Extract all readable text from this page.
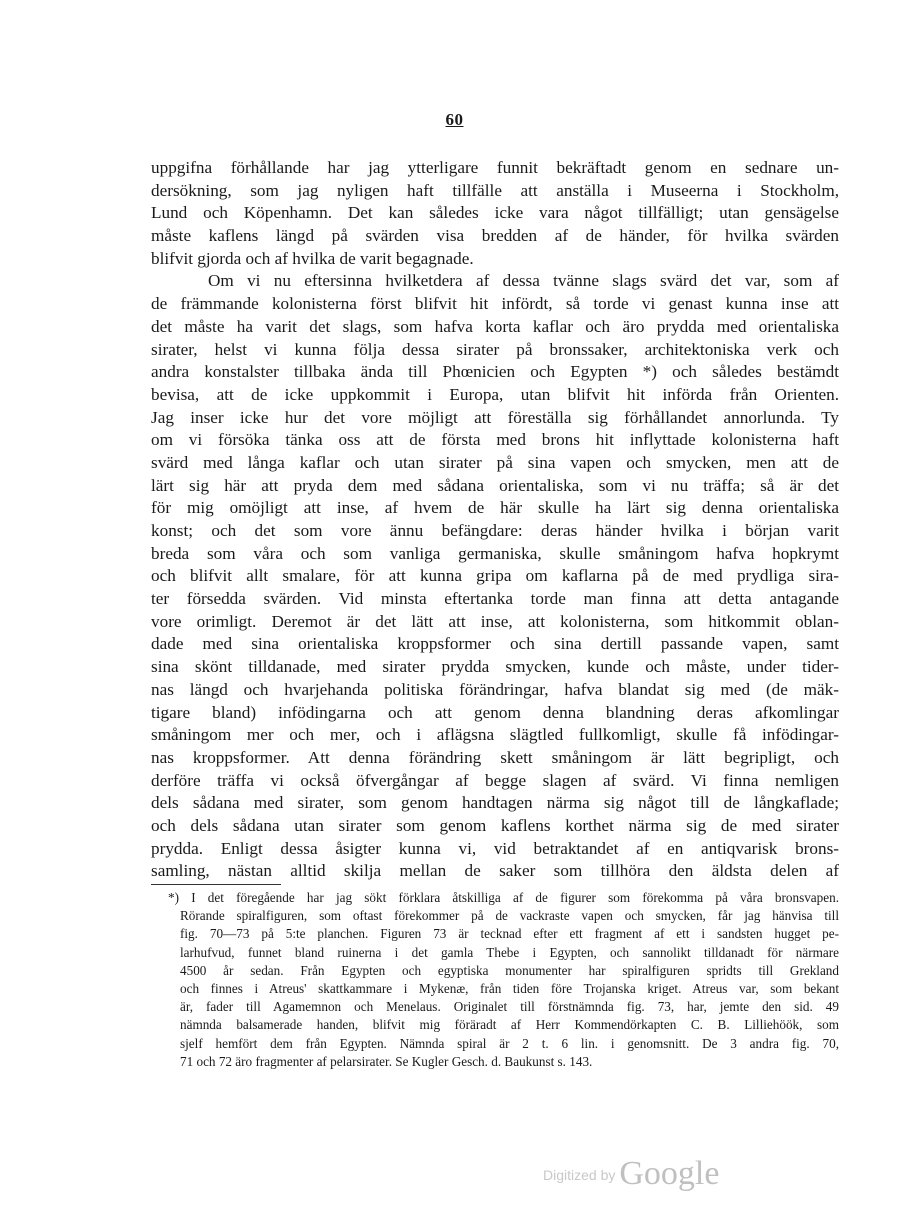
60
uppgifna förhållande har jag ytterligare funnit bekräftadt genom en sednare un-
dersökning, som jag nyligen haft tillfälle att anställa i Museerna i Stockholm,
Lund och Köpenhamn. Det kan således icke vara något tillfälligt; utan gensägelse
måste kaflens längd på svärden visa bredden af de händer, för hvilka svärden
blifvit gjorda och af hvilka de varit begagnade.
Om vi nu eftersinna hvilketdera af dessa tvänne slags svärd det var, som af
de främmande kolonisterna först blifvit hit infördt, så torde vi genast kunna inse att
det måste ha varit det slags, som hafva korta kaflar och äro prydda med orientaliska
sirater, helst vi kunna följa dessa sirater på bronssaker, architektoniska verk och
andra konstalster tillbaka ända till Phœnicien och Egypten *) och således bestämdt
bevisa, att de icke uppkommit i Europa, utan blifvit hit införda från Orienten.
Jag inser icke hur det vore möjligt att föreställa sig förhållandet annorlunda. Ty
om vi försöka tänka oss att de första med brons hit inflyttade kolonisterna haft
svärd med långa kaflar och utan sirater på sina vapen och smycken, men att de
lärt sig här att pryda dem med sådana orientaliska, som vi nu träffa; så är det
för mig omöjligt att inse, af hvem de här skulle ha lärt sig denna orientaliska
konst; och det som vore ännu befängdare: deras händer hvilka i början varit
breda som våra och som vanliga germaniska, skulle småningom hafva hopkrymt
och blifvit allt smalare, för att kunna gripa om kaflarna på de med prydliga sira-
ter försedda svärden. Vid minsta eftertanka torde man finna att detta antagande
vore orimligt. Deremot är det lätt att inse, att kolonisterna, som hitkommit oblan-
dade med sina orientaliska kroppsformer och sina dertill passande vapen, samt
sina skönt tilldanade, med sirater prydda smycken, kunde och måste, under tider-
nas längd och hvarjehanda politiska förändringar, hafva blandat sig med (de mäk-
tigare bland) infödingarna och att genom denna blandning deras afkomlingar
småningom mer och mer, och i aflägsna slägtled fullkomligt, skulle få infödingar-
nas kroppsformer. Att denna förändring skett småningom är lätt begripligt, och
derföre träffa vi också öfvergångar af begge slagen af svärd. Vi finna nemligen
dels sådana med sirater, som genom handtagen närma sig något till de långkaflade;
och dels sådana utan sirater som genom kaflens korthet närma sig de med sirater
prydda. Enligt dessa åsigter kunna vi, vid betraktandet af en antiqvarisk brons-
samling, nästan alltid skilja mellan de saker som tillhöra den äldsta delen af
*) I det föregående har jag sökt förklara åtskilliga af de figurer som förekomma på våra bronsvapen.
Rörande spiralfiguren, som oftast förekommer på de vackraste vapen och smycken, får jag hänvisa till
fig. 70—73 på 5:te planchen. Figuren 73 är tecknad efter ett fragment af ett i sandsten hugget pe-
larhufvud, funnet bland ruinerna i det gamla Thebe i Egypten, och sannolikt tilldanadt för närmare
4500 år sedan. Från Egypten och egyptiska monumenter har spiralfiguren spridts till Grekland
och finnes i Atreus' skattkammare i Mykenæ, från tiden före Trojanska kriget. Atreus var, som bekant
är, fader till Agamemnon och Menelaus. Originalet till förstnämnda fig. 73, har, jemte den sid. 49
nämnda balsamerade handen, blifvit mig föräradt af Herr Kommendörkapten C. B. Lilliehöök, som
sjelf hemfört dem från Egypten. Nämnda spiral är 2 t. 6 lin. i genomsnitt. De 3 andra fig. 70,
71 och 72 äro fragmenter af pelarsirater. Se Kugler Gesch. d. Baukunst s. 143.
Digitized by Google
